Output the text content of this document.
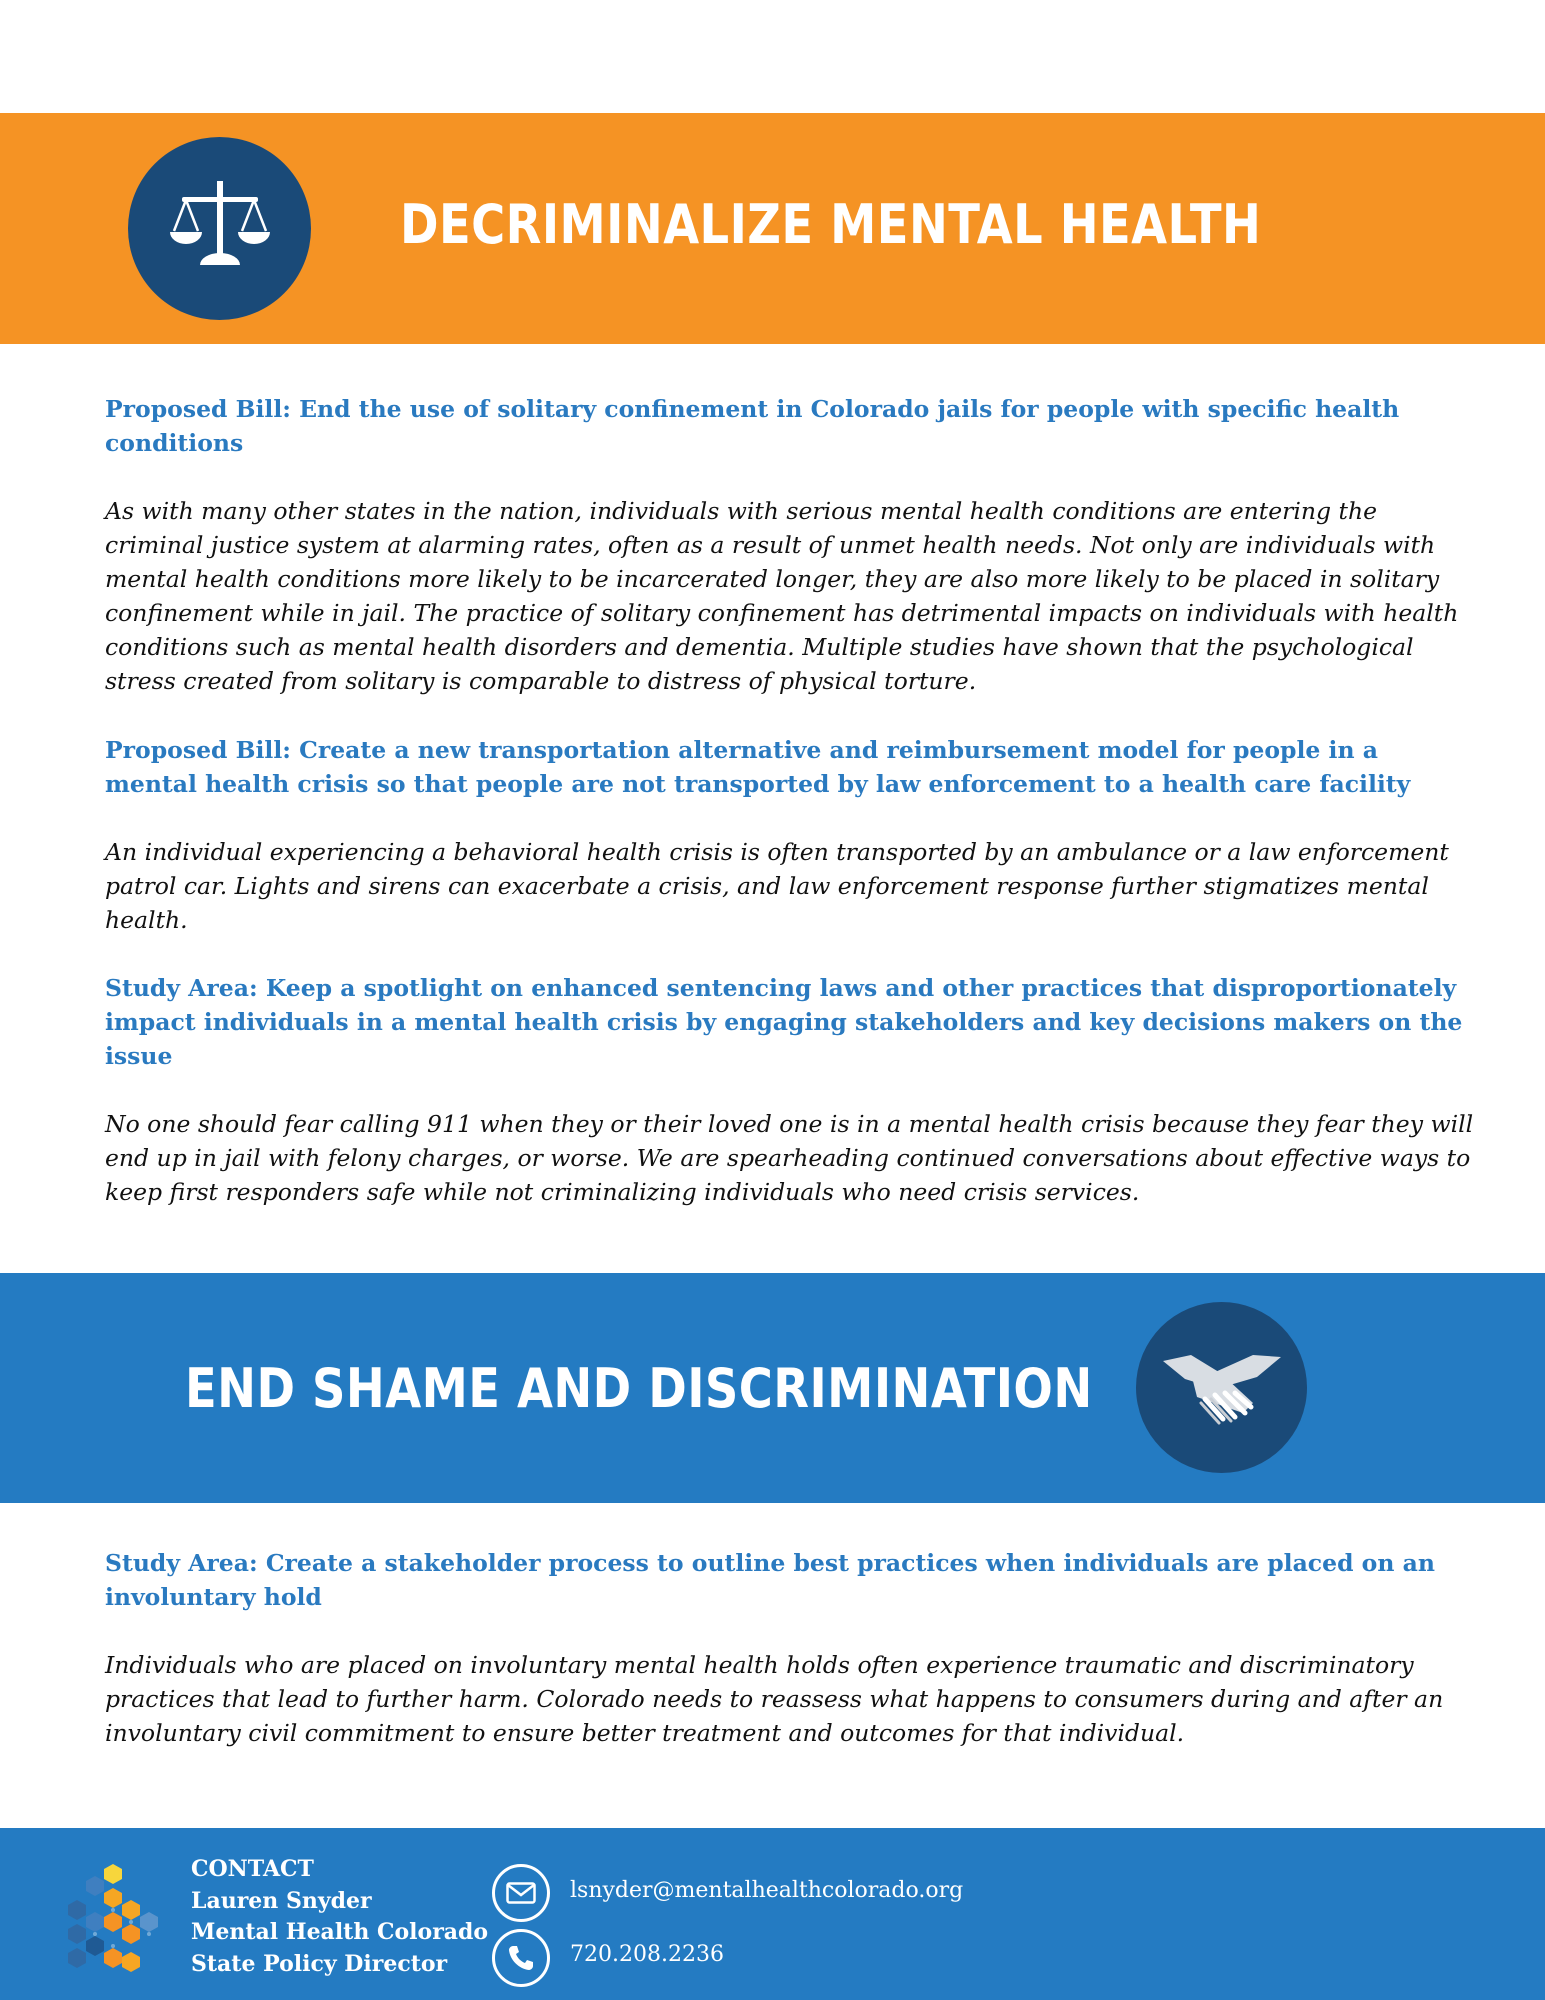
DECRIMINALIZE MENTAL HEALTH
Proposed Bill: End the use of solitary confinement in Colorado jails for people with specific health conditions

As with many other states in the nation, individuals with serious mental health conditions are entering the criminal justice system at alarming rates, often as a result of unmet health needs. Not only are individuals with mental health conditions more likely to be incarcerated longer, they are also more likely to be placed in solitary confinement while in jail. The practice of solitary confinement has detrimental impacts on individuals with health conditions such as mental health disorders and dementia. Multiple studies have shown that the psychological stress created from solitary is comparable to distress of physical torture.

Proposed Bill: Create a new transportation alternative and reimbursement model for people in a mental health crisis so that people are not transported by law enforcement to a health care facility

An individual experiencing a behavioral health crisis is often transported by an ambulance or a law enforcement patrol car. Lights and sirens can exacerbate a crisis, and law enforcement response further stigmatizes mental health.

Study Area: Keep a spotlight on enhanced sentencing laws and other practices that disproportionately impact individuals in a mental health crisis by engaging stakeholders and key decisions makers on the issue

No one should fear calling 911 when they or their loved one is in a mental health crisis because they fear they will end up in jail with felony charges, or worse. We are spearheading continued conversations about effective ways to keep first responders safe while not criminalizing individuals who need crisis services.

END SHAME AND DISCRIMINATION
Study Area: Create a stakeholder process to outline best practices when individuals are placed on an involuntary hold

Individuals who are placed on involuntary mental health holds often experience traumatic and discriminatory practices that lead to further harm. Colorado needs to reassess what happens to consumers during and after an involuntary civil commitment to ensure better treatment and outcomes for that individual.

CONTACT
Lauren Snyder
Mental Health Colorado
State Policy Director
lsnyder@mentalhealthcolorado.org
720.208.2236
